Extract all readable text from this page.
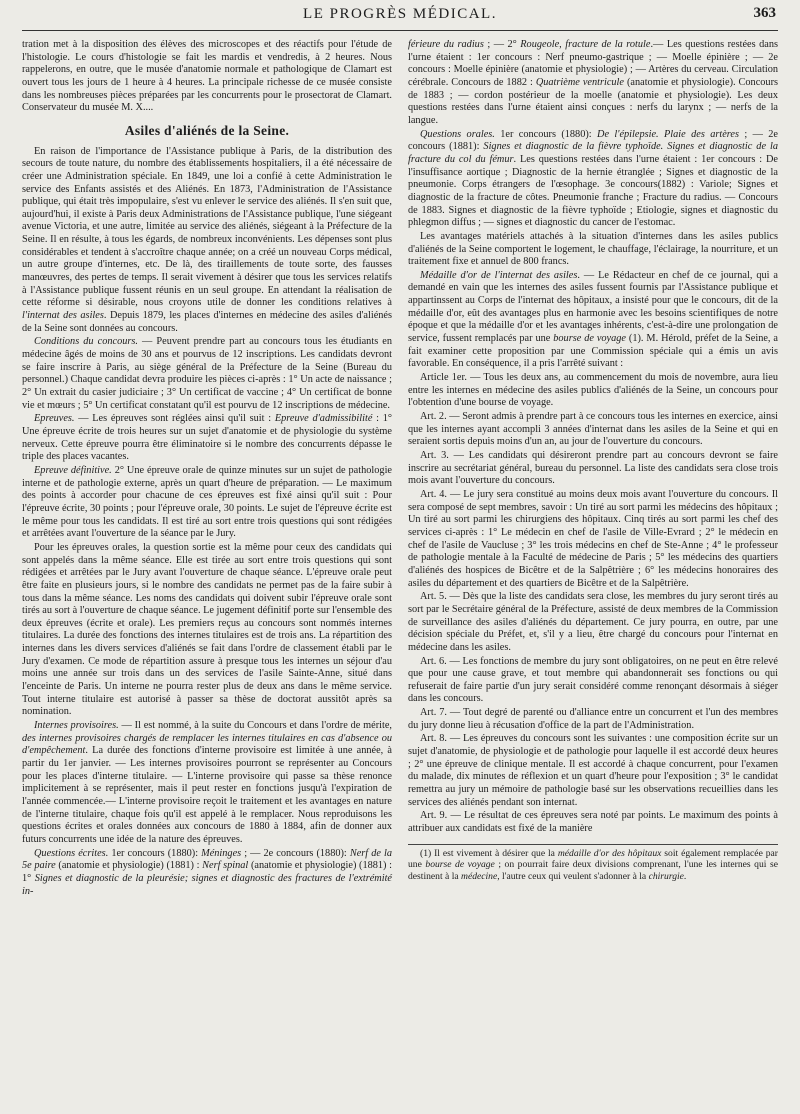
LE PROGRÈS MÉDICAL.	363

tration met à la disposition des élèves des microscopes et des réactifs pour l'étude de l'histologie. Le cours d'histologie se fait les mardis et vendredis, à 2 heures. Nous rappelerons, en outre, que le musée d'anatomie normale et pathologique de Clamart est ouvert tous les jours de 1 heure à 4 heures. La principale richesse de ce musée consiste dans les nombreuses pièces préparées par les concurrents pour le prosectorat de Clamart. Conservateur du musée M. X....

Asiles d'aliénés de la Seine.

En raison de l'importance de l'Assistance publique à Paris, de la distribution des secours de toute nature, du nombre des établissements hospitaliers, il a été nécessaire de créer une Administration spéciale. En 1849, une loi a confié à cette Administration le service des Enfants assistés et des Aliénés. En 1873, l'Administration de l'Assistance publique, qui était très impopulaire, s'est vu enlever le service des aliénés. Il s'en suit que, aujourd'hui, il existe à Paris deux Administrations de l'Assistance publique, l'une siégeant avenue Victoria, et une autre, limitée au service des aliénés, siégeant à la Préfecture de la Seine. Il en résulte, à tous les égards, de nombreux inconvénients. Les dépenses sont plus considérables et tendent à s'accroître chaque année; on a créé un nouveau Corps médical, un autre groupe d'internes, etc. De là, des tiraillements de toute sorte, des fausses manœuvres, des pertes de temps. Il serait vivement à désirer que tous les services relatifs à l'Assistance publique fussent réunis en un seul groupe. En attendant la réalisation de cette réforme si désirable, nous croyons utile de donner les conditions relatives à l'internat des asiles. Depuis 1879, les places d'internes en médecine des asiles d'aliénés de la Seine sont données au concours.

Conditions du concours. — Peuvent prendre part au concours tous les étudiants en médecine âgés de moins de 30 ans et pourvus de 12 inscriptions. Les candidats devront se faire inscrire à Paris, au siège général de la Préfecture de la Seine (Bureau du personnel.) Chaque candidat devra produire les pièces ci-après : 1° Un acte de naissance ; 2° Un extrait du casier judiciaire ; 3° Un certificat de vaccine ; 4° Un certificat de bonne vie et mœurs ; 5° Un certificat constatant qu'il est pourvu de 12 inscriptions de médecine.

Epreuves. — Les épreuves sont réglées ainsi qu'il suit : Epreuve d'admissibilité : 1° Une épreuve écrite de trois heures sur un sujet d'anatomie et de physiologie du système nerveux. Cette épreuve pourra être éliminatoire si le nombre des concurrents dépasse le triple des places vacantes.

Epreuve définitive. 2° Une épreuve orale de quinze minutes sur un sujet de pathologie interne et de pathologie externe, après un quart d'heure de préparation. — Le maximum des points à accorder pour chacune de ces épreuves est fixé ainsi qu'il suit : Pour l'épreuve écrite, 30 points ; pour l'épreuve orale, 30 points. Le sujet de l'épreuve écrite est le même pour tous les candidats. Il est tiré au sort entre trois questions qui sont rédigées et arrêtées avant l'ouverture de la séance par le Jury.

Pour les épreuves orales, la question sortie est la même pour ceux des candidats qui sont appelés dans la même séance. Elle est tirée au sort entre trois questions qui sont rédigées et arrêtées par le Jury avant l'ouverture de chaque séance. L'épreuve orale peut être faite en plusieurs jours, si le nombre des candidats ne permet pas de la faire subir à tous dans la même séance. Les noms des candidats qui doivent subir l'épreuve orale sont tirés au sort à l'ouverture de chaque séance. Le jugement définitif porte sur l'ensemble des deux épreuves (écrite et orale). Les premiers reçus au concours sont nommés internes titulaires. La durée des fonctions des internes titulaires est de trois ans. La répartition des internes dans les divers services d'aliénés se fait dans l'ordre de classement établi par le Jury d'examen. Ce mode de répartition assure à presque tous les internes un séjour d'au moins une année sur trois dans un des services de l'asile Sainte-Anne, situé dans l'enceinte de Paris. Un interne ne pourra rester plus de deux ans dans le même service. Tout interne titulaire est autorisé à passer sa thèse de doctorat aussitôt après sa nomination.

Internes provisoires. — Il est nommé, à la suite du Concours et dans l'ordre de mérite, des internes provisoires chargés de remplacer les internes titulaires en cas d'absence ou d'empêchement. La durée des fonctions d'interne provisoire est limitée à une année, à partir du 1er janvier. — Les internes provisoires pourront se représenter au Concours pour les places d'interne titulaire. — L'interne provisoire qui passe sa thèse renonce implicitement à se représenter, mais il peut rester en fonctions jusqu'à l'expiration de l'année commencée.— L'interne provisoire reçoit le traitement et les avantages en nature de l'interne titulaire, chaque fois qu'il est appelé à le remplacer. Nous reproduisons les questions écrites et orales données aux concours de 1880 à 1884, afin de donner aux futurs concurrents une idée de la nature des épreuves.

Questions écrites. 1er concours (1880): Méninges ; — 2e concours (1880): Nerf de la 5e paire (anatomie et physiologie) (1881) : Nerf spinal (anatomie et physiologie) (1881) : 1° Signes et diagnostic de la pleurésie; signes et diagnostic des fractures de l'extrémité in-

férieure du radius ; — 2° Rougeole, fracture de la rotule.— Les questions restées dans l'urne étaient : 1er concours : Nerf pneumo-gastrique ; — Moelle épinière ; — 2e concours : Moelle épinière (anatomie et physiologie) ; — Artères du cerveau. Circulation cérébrale. Concours de 1882 : Quatrième ventricule (anatomie et physiologie). Concours de 1883 ; — cordon postérieur de la moelle (anatomie et physiologie). Les deux questions restées dans l'urne étaient ainsi conçues : nerfs du larynx ; — nerfs de la langue.

Questions orales. 1er concours (1880): De l'épilepsie. Plaie des artères ; — 2e concours (1881): Signes et diagnostic de la fièvre typhoïde. Signes et diagnostic de la fracture du col du fémur. Les questions restées dans l'urne étaient : 1er concours : De l'insuffisance aortique ; Diagnostic de la hernie étranglée ; Signes et diagnostic de la pneumonie. Corps étrangers de l'œsophage. 3e concours(1882) : Variole; Signes et diagnostic de la fracture de côtes. Pneumonie franche ; Fracture du radius. — Concours de 1883. Signes et diagnostic de la fièvre typhoïde ; Etiologie, signes et diagnostic du phlegmon diffus ; — signes et diagnostic du cancer de l'estomac.

Les avantages matériels attachés à la situation d'internes dans les asiles publics d'aliénés de la Seine comportent le logement, le chauffage, l'éclairage, la nourriture, et un traitement fixe et annuel de 800 francs.

Médaille d'or de l'internat des asiles. — Le Rédacteur en chef de ce journal, qui a demandé en vain que les internes des asiles fussent fournis par l'Assistance publique et appartinssent au Corps de l'internat des hôpitaux, a insisté pour que le concours, dit de la médaille d'or, eût des avantages plus en harmonie avec les besoins scientifiques de notre époque et que la médaille d'or et les avantages inhérents, c'est-à-dire une prolongation de service, fussent remplacés par une bourse de voyage (1). M. Hérold, préfet de la Seine, a fait examiner cette proposition par une Commission spéciale qui a émis un avis favorable. En conséquence, il a pris l'arrêté suivant :

Article 1er. — Tous les deux ans, au commencement du mois de novembre, aura lieu entre les internes en médecine des asiles publics d'aliénés de la Seine, un concours pour l'obtention d'une bourse de voyage.

Art. 2. — Seront admis à prendre part à ce concours tous les internes en exercice, ainsi que les internes ayant accompli 3 années d'internat dans les asiles de la Seine et qui en seraient sortis depuis moins d'un an, au jour de l'ouverture du concours.

Art. 3. — Les candidats qui désireront prendre part au concours devront se faire inscrire au secrétariat général, bureau du personnel. La liste des candidats sera close trois mois avant l'ouverture du concours.

Art. 4. — Le jury sera constitué au moins deux mois avant l'ouverture du concours. Il sera composé de sept membres, savoir : Un tiré au sort parmi les médecins des hôpitaux ; Un tiré au sort parmi les chirurgiens des hôpitaux. Cinq tirés au sort parmi les chef des services ci-après : 1° Le médecin en chef de l'asile de Ville-Evrard ; 2° le médecin en chef de l'asile de Vaucluse ; 3° les trois médecins en chef de Ste-Anne ; 4° le professeur de pathologie mentale à la Faculté de médecine de Paris ; 5° les médecins des quartiers d'aliénés des hospices de Bicêtre et de la Salpêtrière ; 6° les médecins honoraires des asiles du département et des quartiers de Bicêtre et de la Salpêtrière.

Art. 5. — Dès que la liste des candidats sera close, les membres du jury seront tirés au sort par le Secrétaire général de la Préfecture, assisté de deux membres de la Commission de surveillance des asiles d'aliénés du département. Ce jury pourra, en outre, par une décision spéciale du Préfet, et, s'il y a lieu, être chargé du concours pour l'internat en médecine dans les asiles.

Art. 6. — Les fonctions de membre du jury sont obligatoires, on ne peut en être relevé que pour une cause grave, et tout membre qui abandonnerait ses fonctions ou qui refuserait de faire partie d'un jury serait considéré comme renonçant désormais à siéger dans les concours.

Art. 7. — Tout degré de parenté ou d'alliance entre un concurrent et l'un des membres du jury donne lieu à récusation d'office de la part de l'Administration.

Art. 8. — Les épreuves du concours sont les suivantes : une composition écrite sur un sujet d'anatomie, de physiologie et de pathologie pour laquelle il est accordé deux heures ; 2° une épreuve de clinique mentale. Il est accordé à chaque concurrent, pour l'examen du malade, dix minutes de réflexion et un quart d'heure pour l'exposition ; 3° le candidat remettra au jury un mémoire de pathologie basé sur les observations recueillies dans les services des aliénés pendant son internat.

Art. 9. — Le résultat de ces épreuves sera noté par points. Le maximum des points à attribuer aux candidats est fixé de la manière

(1) Il est vivement à désirer que la médaille d'or des hôpitaux soit également remplacée par une bourse de voyage ; on pourrait faire deux divisions comprenant, l'une les internes qui se destinent à la médecine, l'autre ceux qui veulent s'adonner à la chirurgie.
